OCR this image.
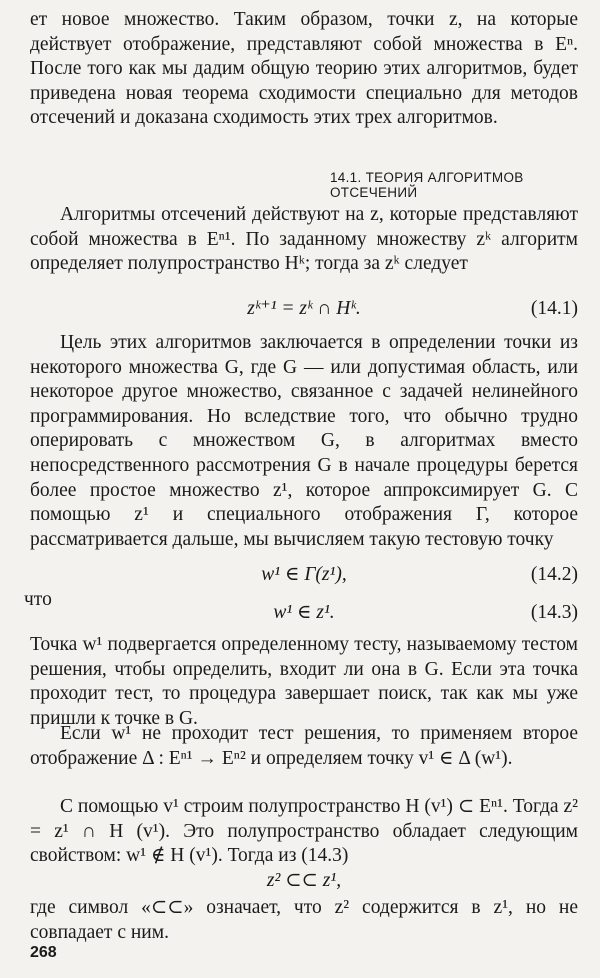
ет новое множество. Таким образом, точки z, на которые действует отображение, представляют собой множества в Eⁿ. После того как мы дадим общую теорию этих алгоритмов, будет приведена новая теорема сходимости специально для методов отсечений и доказана сходимость этих трех алгоритмов.

14.1. ТЕОРИЯ АЛГОРИТМОВ ОТСЕЧЕНИЙ

Алгоритмы отсечений действуют на z, которые представляют собой множества в Eⁿ¹. По заданному множеству zᵏ алгоритм определяет полупространство Hᵏ; тогда за zᵏ следует

zᵏ⁺¹ = zᵏ ∩ Hᵏ.	(14.1)

Цель этих алгоритмов заключается в определении точки из некоторого множества G, где G — или допустимая область, или некоторое другое множество, связанное с задачей нелинейного программирования. Но вследствие того, что обычно трудно оперировать с множеством G, в алгоритмах вместо непосредственного рассмотрения G в начале процедуры берется более простое множество z¹, которое аппроксимирует G. С помощью z¹ и специального отображения Γ, которое рассматривается дальше, мы вычисляем такую тестовую точку

w¹ ∈ Γ(z¹),	(14.2)
что
w¹ ∈ z¹.	(14.3)

Точка w¹ подвергается определенному тесту, называемому тестом решения, чтобы определить, входит ли она в G. Если эта точка проходит тест, то процедура завершает поиск, так как мы уже пришли к точке в G.

Если w¹ не проходит тест решения, то применяем второе отображение Δ : Eⁿ¹ → Eⁿ² и определяем точку v¹ ∈ Δ (w¹).

С помощью v¹ строим полупространство H (v¹) ⊂ Eⁿ¹. Тогда z² = z¹ ∩ H (v¹). Это полупространство обладает следующим свойством: w¹ ∉ H (v¹). Тогда из (14.3)

z² ⊂⊂ z¹,

где символ «⊂⊂» означает, что z² содержится в z¹, но не совпадает с ним.

268
